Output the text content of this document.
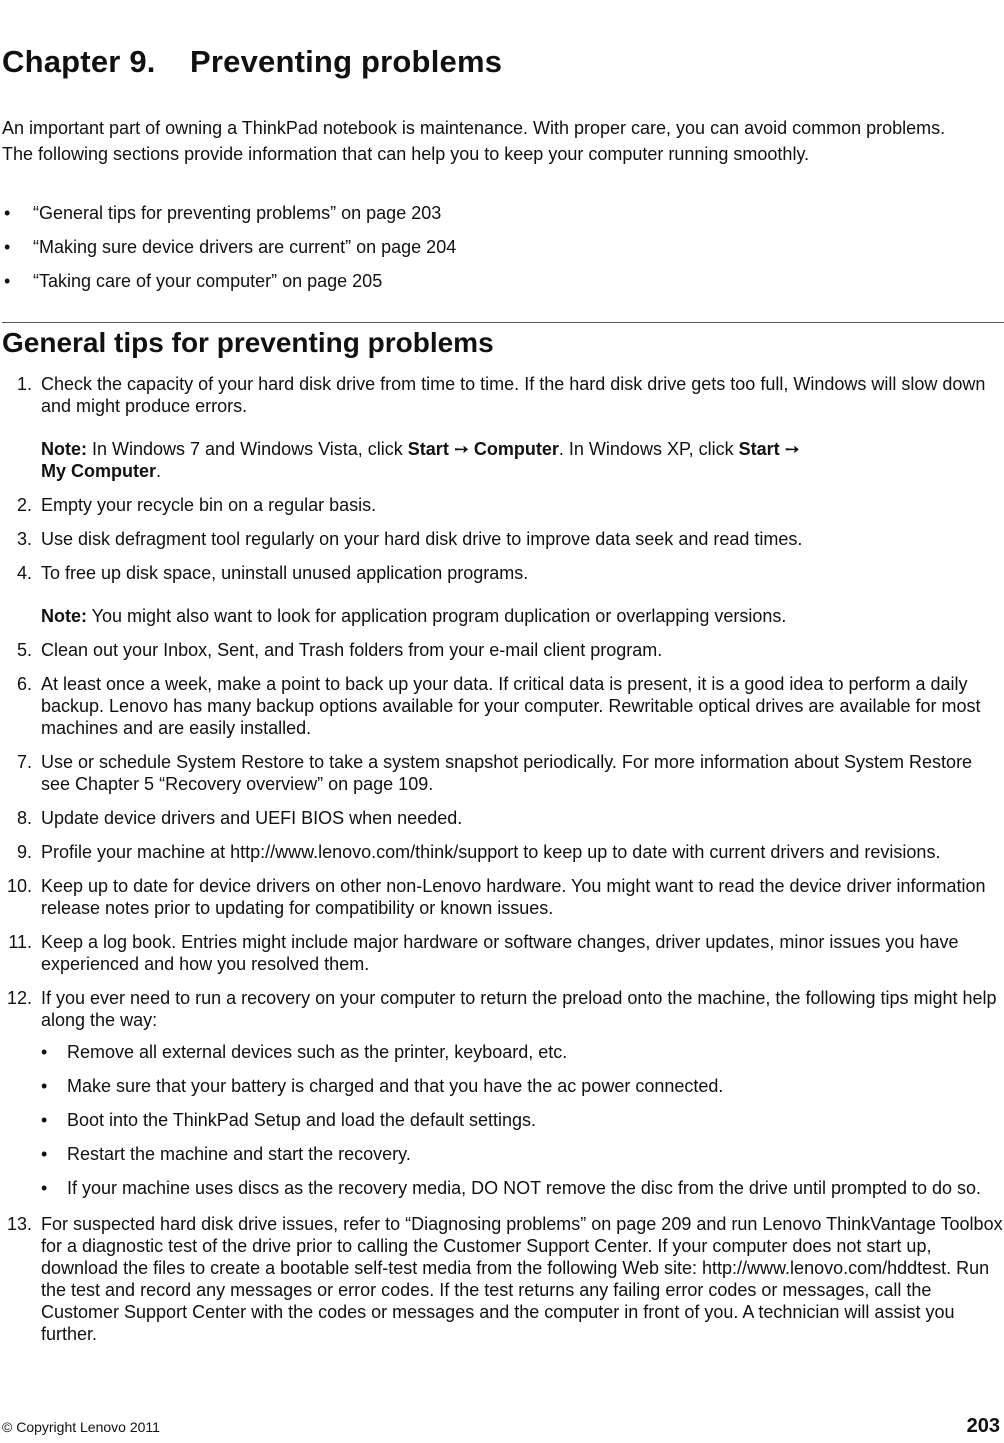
Chapter 9. Preventing problems

An important part of owning a ThinkPad notebook is maintenance. With proper care, you can avoid common problems. The following sections provide information that can help you to keep your computer running smoothly.

• “General tips for preventing problems” on page 203
• “Making sure device drivers are current” on page 204
• “Taking care of your computer” on page 205
General tips for preventing problems
1. Check the capacity of your hard disk drive from time to time. If the hard disk drive gets too full, Windows will slow down and might produce errors.
Note: In Windows 7 and Windows Vista, click Start ➙ Computer. In Windows XP, click Start ➙
My Computer.
2. Empty your recycle bin on a regular basis.
3. Use disk defragment tool regularly on your hard disk drive to improve data seek and read times.
4. To free up disk space, uninstall unused application programs.
Note: You might also want to look for application program duplication or overlapping versions.
5. Clean out your Inbox, Sent, and Trash folders from your e-mail client program.
6. At least once a week, make a point to back up your data. If critical data is present, it is a good idea to perform a daily backup. Lenovo has many backup options available for your computer. Rewritable optical drives are available for most machines and are easily installed.
7. Use or schedule System Restore to take a system snapshot periodically. For more information about System Restore see Chapter 5 “Recovery overview” on page 109.
8. Update device drivers and UEFI BIOS when needed.
9. Profile your machine at http://www.lenovo.com/think/support to keep up to date with current drivers and revisions.
10. Keep up to date for device drivers on other non-Lenovo hardware. You might want to read the device driver information release notes prior to updating for compatibility or known issues.
11. Keep a log book. Entries might include major hardware or software changes, driver updates, minor issues you have experienced and how you resolved them.
12. If you ever need to run a recovery on your computer to return the preload onto the machine, the following tips might help along the way:
• Remove all external devices such as the printer, keyboard, etc.
• Make sure that your battery is charged and that you have the ac power connected.
• Boot into the ThinkPad Setup and load the default settings.
• Restart the machine and start the recovery.
• If your machine uses discs as the recovery media, DO NOT remove the disc from the drive until prompted to do so.
13. For suspected hard disk drive issues, refer to “Diagnosing problems” on page 209 and run Lenovo ThinkVantage Toolbox for a diagnostic test of the drive prior to calling the Customer Support Center. If your computer does not start up, download the files to create a bootable self-test media from the following Web site: http://www.lenovo.com/hddtest. Run the test and record any messages or error codes. If the test returns any failing error codes or messages, call the Customer Support Center with the codes or messages and the computer in front of you. A technician will assist you further.
© Copyright Lenovo 2011	203
